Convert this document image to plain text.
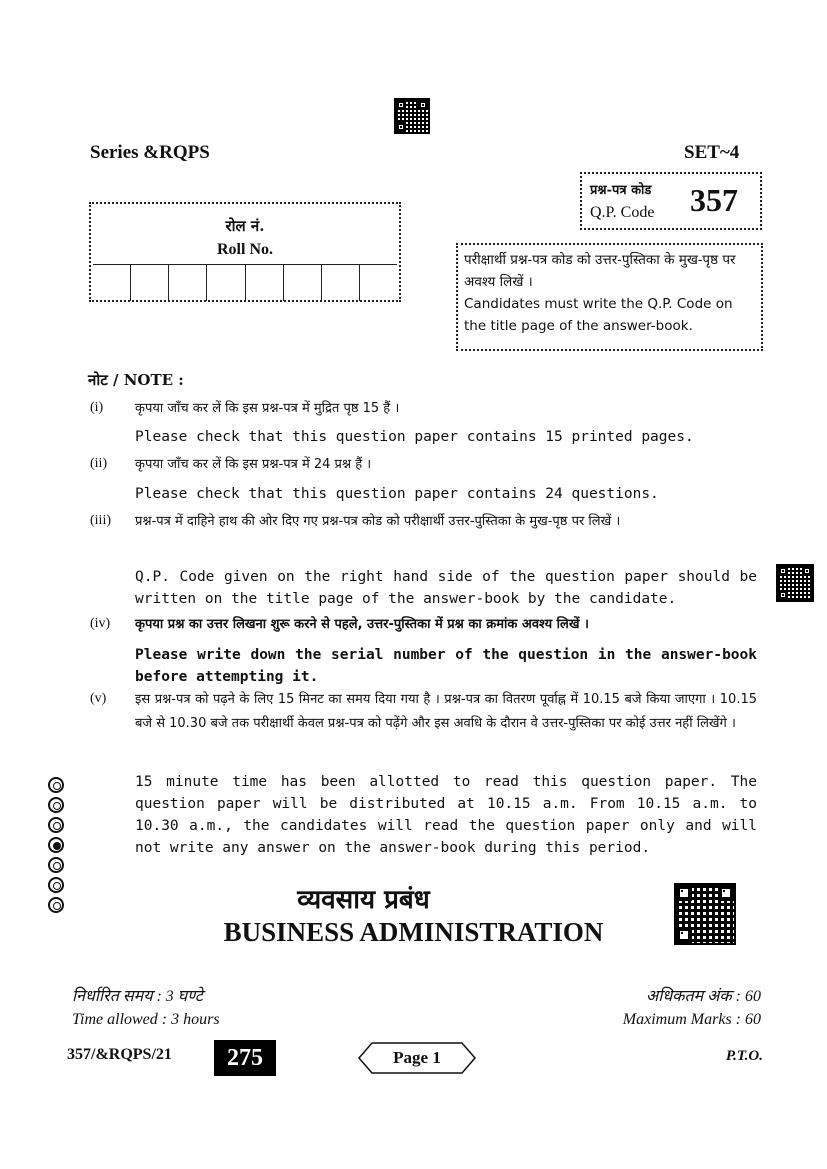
Series &RQPS	SET~4
प्रश्न-पत्र कोड
Q.P. Code 357
रोल नं.
Roll No.
परीक्षार्थी प्रश्न-पत्र कोड को उत्तर-पुस्तिका के मुख-पृष्ठ पर अवश्य लिखें ।
Candidates must write the Q.P. Code on the title page of the answer-book.
नोट / NOTE :
(i) कृपया जाँच कर लें कि इस प्रश्न-पत्र में मुद्रित पृष्ठ 15 हैं ।
Please check that this question paper contains 15 printed pages.
(ii) कृपया जाँच कर लें कि इस प्रश्न-पत्र में 24 प्रश्न हैं ।
Please check that this question paper contains 24 questions.
(iii) प्रश्न-पत्र में दाहिने हाथ की ओर दिए गए प्रश्न-पत्र कोड को परीक्षार्थी उत्तर-पुस्तिका के मुख-पृष्ठ पर लिखें ।
Q.P. Code given on the right hand side of the question paper should be written on the title page of the answer-book by the candidate.
(iv) कृपया प्रश्न का उत्तर लिखना शुरू करने से पहले, उत्तर-पुस्तिका में प्रश्न का क्रमांक अवश्य लिखें ।
Please write down the serial number of the question in the answer-book before attempting it.
(v) इस प्रश्न-पत्र को पढ़ने के लिए 15 मिनट का समय दिया गया है । प्रश्न-पत्र का वितरण पूर्वाह्न में 10.15 बजे किया जाएगा । 10.15 बजे से 10.30 बजे तक परीक्षार्थी केवल प्रश्न-पत्र को पढ़ेंगे और इस अवधि के दौरान वे उत्तर-पुस्तिका पर कोई उत्तर नहीं लिखेंगे ।
15 minute time has been allotted to read this question paper. The question paper will be distributed at 10.15 a.m. From 10.15 a.m. to 10.30 a.m., the candidates will read the question paper only and will not write any answer on the answer-book during this period.
व्यवसाय प्रबंध
BUSINESS ADMINISTRATION
निर्धारित समय : 3 घण्टे
Time allowed : 3 hours
अधिकतम अंक : 60
Maximum Marks : 60
357/&RQPS/21	275	Page 1	P.T.O.
